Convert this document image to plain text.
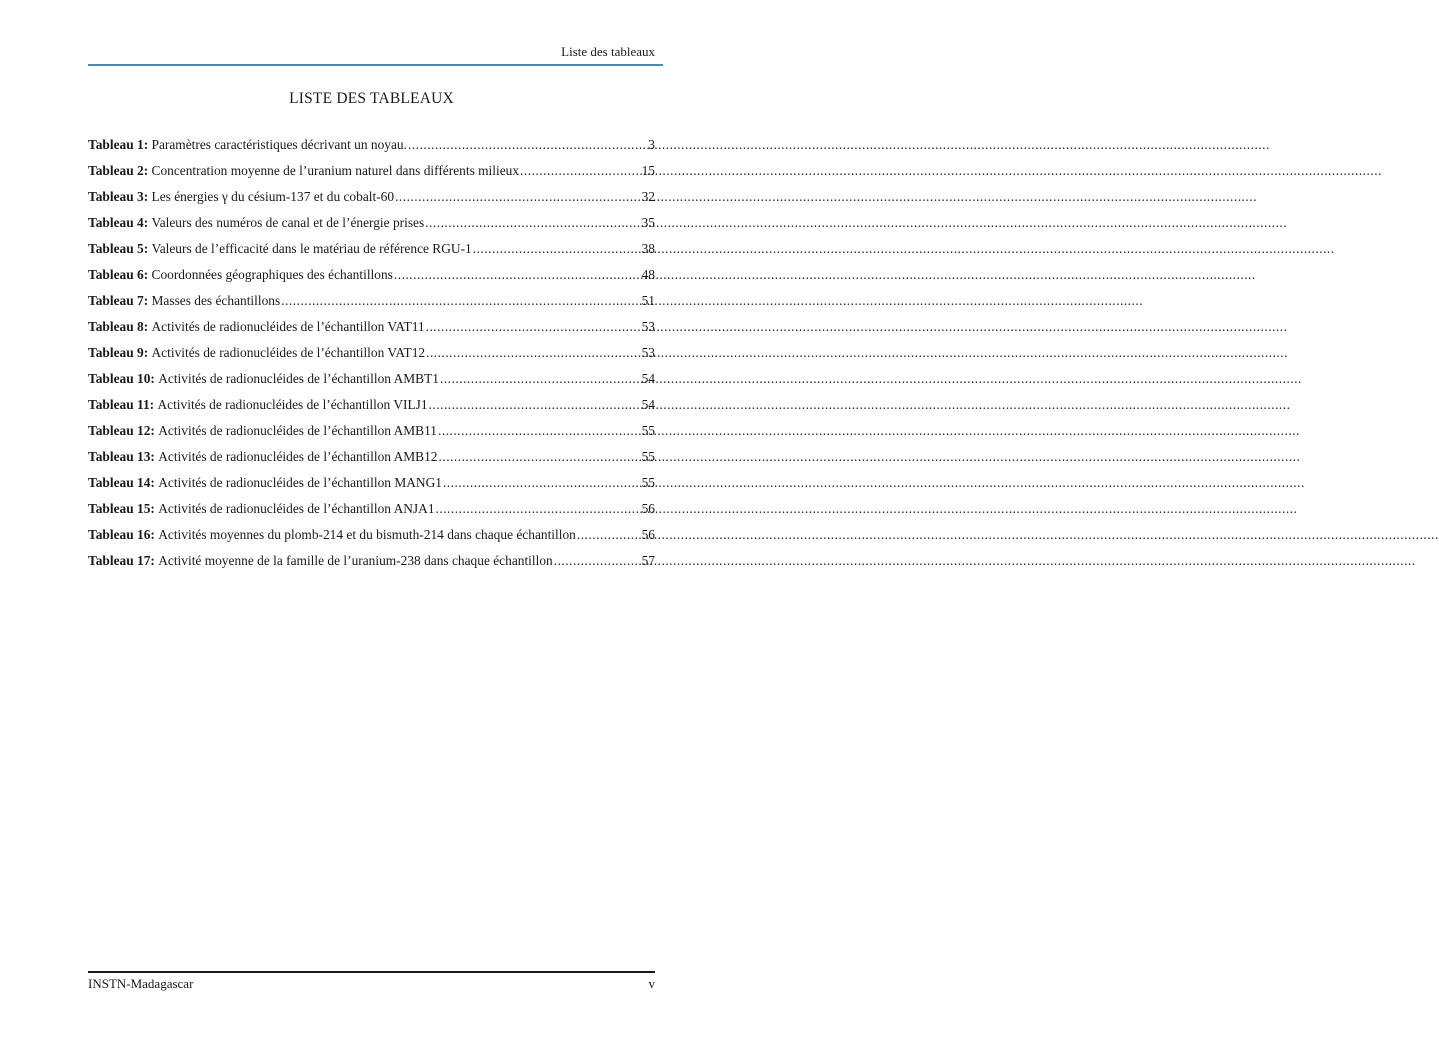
Liste des tableaux
LISTE DES TABLEAUX
Tableau 1:
Paramètres caractéristiques décrivant un noyau. .....	3
Tableau 2:
Concentration moyenne de l’uranium naturel dans différents milieux .....	15
Tableau 3:
Les énergies γ du césium-137 et du cobalt-60 .....	32
Tableau 4:
Valeurs des numéros de canal et de l’énergie prises .....	35
Tableau 5:
Valeurs de l’efficacité dans le matériau de référence RGU-1 .....	38
Tableau 6:
Coordonnées géographiques des échantillons .....	48
Tableau 7:
Masses des échantillons .....	51
Tableau 8:
Activités de radionucléides de l’échantillon VAT11 .....	53
Tableau 9:
Activités de radionucléides de l’échantillon VAT12 .....	53
Tableau 10:
Activités de radionucléides de l’échantillon AMBT1 .....	54
Tableau 11:
Activités de radionucléides de l’échantillon VILJ1 .....	54
Tableau 12:
Activités de radionucléides de l’échantillon AMB11 .....	55
Tableau 13:
Activités de radionucléides de l’échantillon AMB12 .....	55
Tableau 14:
Activités de radionucléides de l’échantillon MANG1 .....	55
Tableau 15:
Activités de radionucléides de l’échantillon ANJA1 .....	56
Tableau 16:
Activités moyennes du plomb-214 et du bismuth-214 dans chaque échantillon .....	56
Tableau 17:
Activité moyenne de la famille de l’uranium-238 dans chaque échantillon .....	57
INSTN-Madagascar	v
